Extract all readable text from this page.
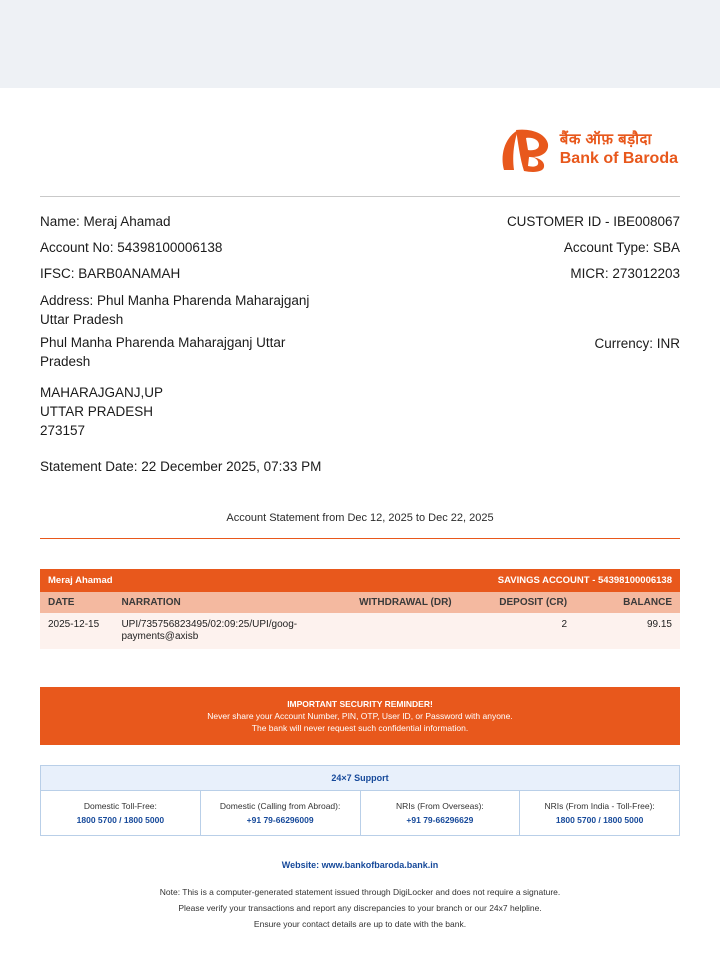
बैंक ऑफ़ बड़ौदा
Bank of Baroda
Name: Meraj Ahamad	CUSTOMER ID - IBE008067
Account No: 54398100006138	Account Type: SBA
IFSC: BARB0ANAMAH	MICR: 273012203
Address: Phul Manha Pharenda Maharajganj Uttar Pradesh
Phul Manha Pharenda Maharajganj Uttar Pradesh
MAHARAJGANJ,UP
UTTAR PRADESH
273157
Currency: INR
Statement Date: 22 December 2025, 07:33 PM
Account Statement from Dec 12, 2025 to Dec 22, 2025
Meraj Ahamad		SAVINGS ACCOUNT - 54398100006138		
DATE	NARRATION	WITHDRAWAL (DR)	DEPOSIT (CR)	BALANCE
2025-12-15	UPI/735756823495/02:09:25/UPI/goog-payments@axisb		2	99.15
IMPORTANT SECURITY REMINDER!
Never share your Account Number, PIN, OTP, User ID, or Password with anyone.
The bank will never request such confidential information.
24×7 Support
Domestic Toll-Free:
1800 5700 / 1800 5000

Domestic (Calling from Abroad):
+91 79-66296009

NRIs (From Overseas):
+91 79-66296629

NRIs (From India - Toll-Free):
1800 5700 / 1800 5000
Website: www.bankofbaroda.bank.in
Note: This is a computer-generated statement issued through DigiLocker and does not require a signature.
Please verify your transactions and report any discrepancies to your branch or our 24x7 helpline.
Ensure your contact details are up to date with the bank.
